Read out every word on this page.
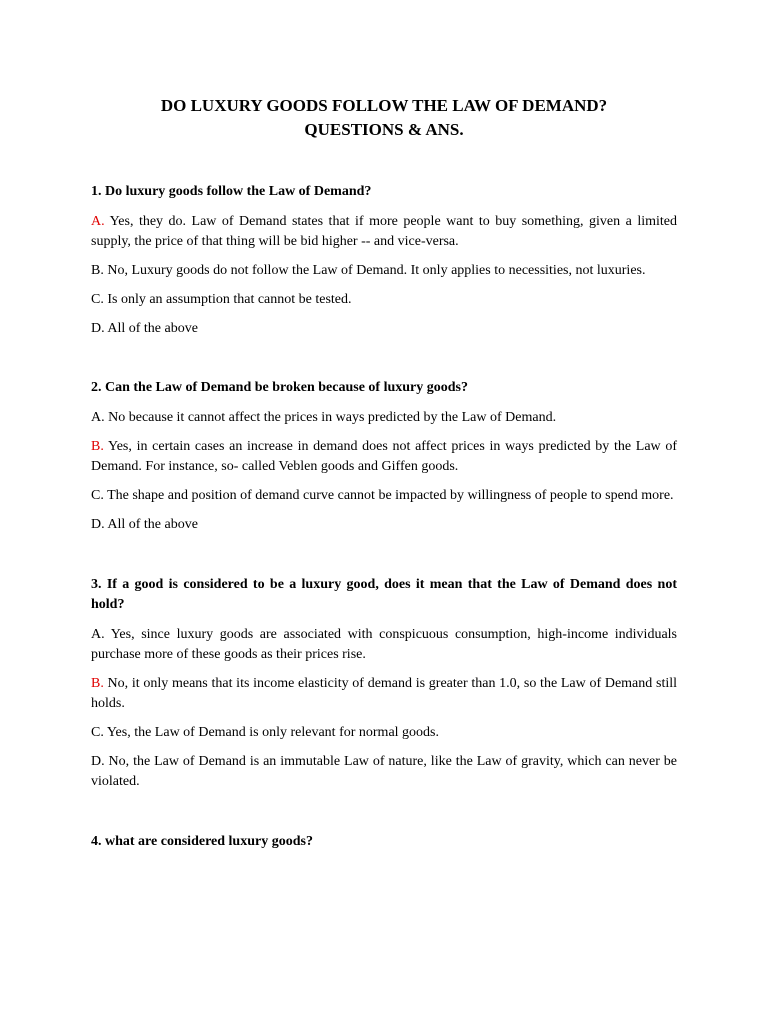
DO LUXURY GOODS FOLLOW THE LAW OF DEMAND?
QUESTIONS & ANS.

1. Do luxury goods follow the Law of Demand?

A. Yes, they do. Law of Demand states that if more people want to buy something, given a limited supply, the price of that thing will be bid higher -- and vice-versa.

B. No, Luxury goods do not follow the Law of Demand. It only applies to necessities, not luxuries.

C. Is only an assumption that cannot be tested.

D. All of the above

2. Can the Law of Demand be broken because of luxury goods?

A. No because it cannot affect the prices in ways predicted by the Law of Demand.

B. Yes, in certain cases an increase in demand does not affect prices in ways predicted by the Law of Demand. For instance, so- called Veblen goods and Giffen goods.

C. The shape and position of demand curve cannot be impacted by willingness of people to spend more.

D. All of the above

3. If a good is considered to be a luxury good, does it mean that the Law of Demand does not hold?

A. Yes, since luxury goods are associated with conspicuous consumption, high-income individuals purchase more of these goods as their prices rise.

B. No, it only means that its income elasticity of demand is greater than 1.0, so the Law of Demand still holds.

C. Yes, the Law of Demand is only relevant for normal goods.

D. No, the Law of Demand is an immutable Law of nature, like the Law of gravity, which can never be violated.

4. what are considered luxury goods?
